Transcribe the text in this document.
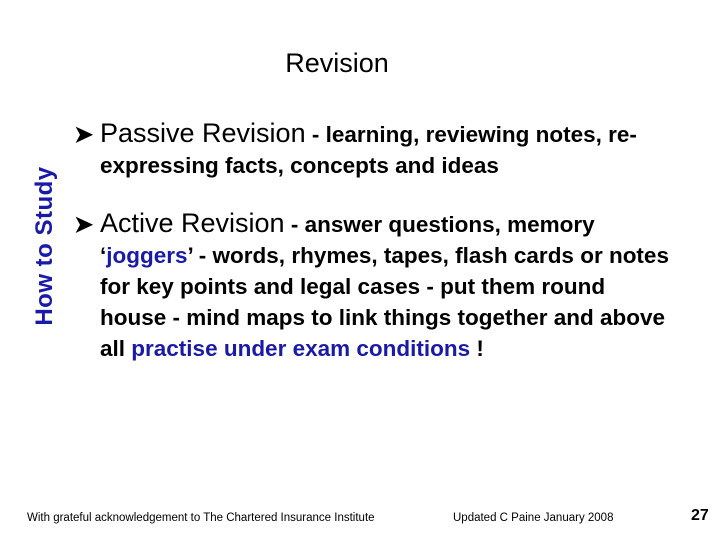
How to Study
Revision
➤ Passive Revision - learning, reviewing notes, re-expressing facts, concepts and ideas
➤ Active Revision - answer questions, memory ‘joggers’ - words, rhymes, tapes, flash cards or notes for key points and legal cases - put them round house - mind maps to link things together and above all practise under exam conditions !
With grateful acknowledgement to The Chartered Insurance Institute	Updated C Paine January 2008	27
